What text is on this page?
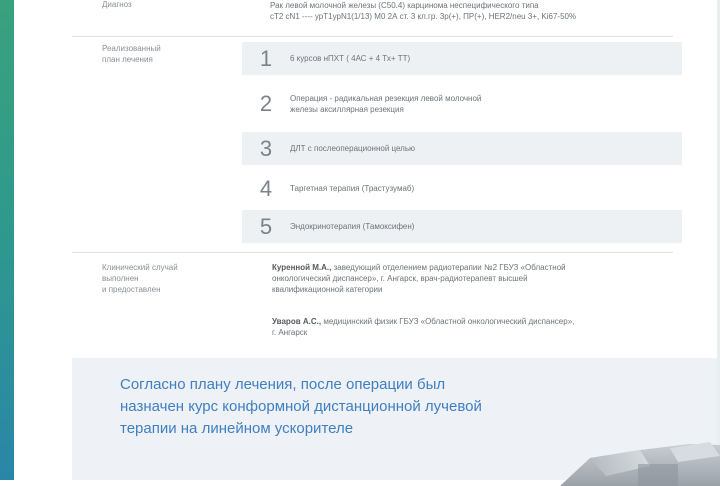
Диагноз	Рак левой молочной железы (С50.4) карцинома неспецифического типа
cT2 cN1 ---- урТ1урN1(1/13) М0 2А ст. 3 кл.гр. 3р(+), ПР(+), HER2/neu 3+, Ki67-50%
Реализованный
план лечения	1	6 курсов нПХТ ( 4АС + 4 Тх+ ТТ)
2	Операция - радикальная резекция левой молочной
железы аксиллярная резекция
3	ДЛТ с послеоперационной целью
4	Таргетная терапия (Трастузумаб)
5	Эндокринотерапия (Тамоксифен)
Клинический случай
выполнен
и предоставлен
Куренной М.А., заведующий отделением радиотерапии №2 ГБУЗ «Областной
онкологический диспансер», г. Ангарск, врач-радиотерапевт высшей
квалификационной категории
Уваров А.С., медицинский физик ГБУЗ «Областной онкологический диспансер»,
г. Ангарск
Согласно плану лечения, после операции был
назначен курс конформной дистанционной лучевой
терапии на линейном ускорителе
